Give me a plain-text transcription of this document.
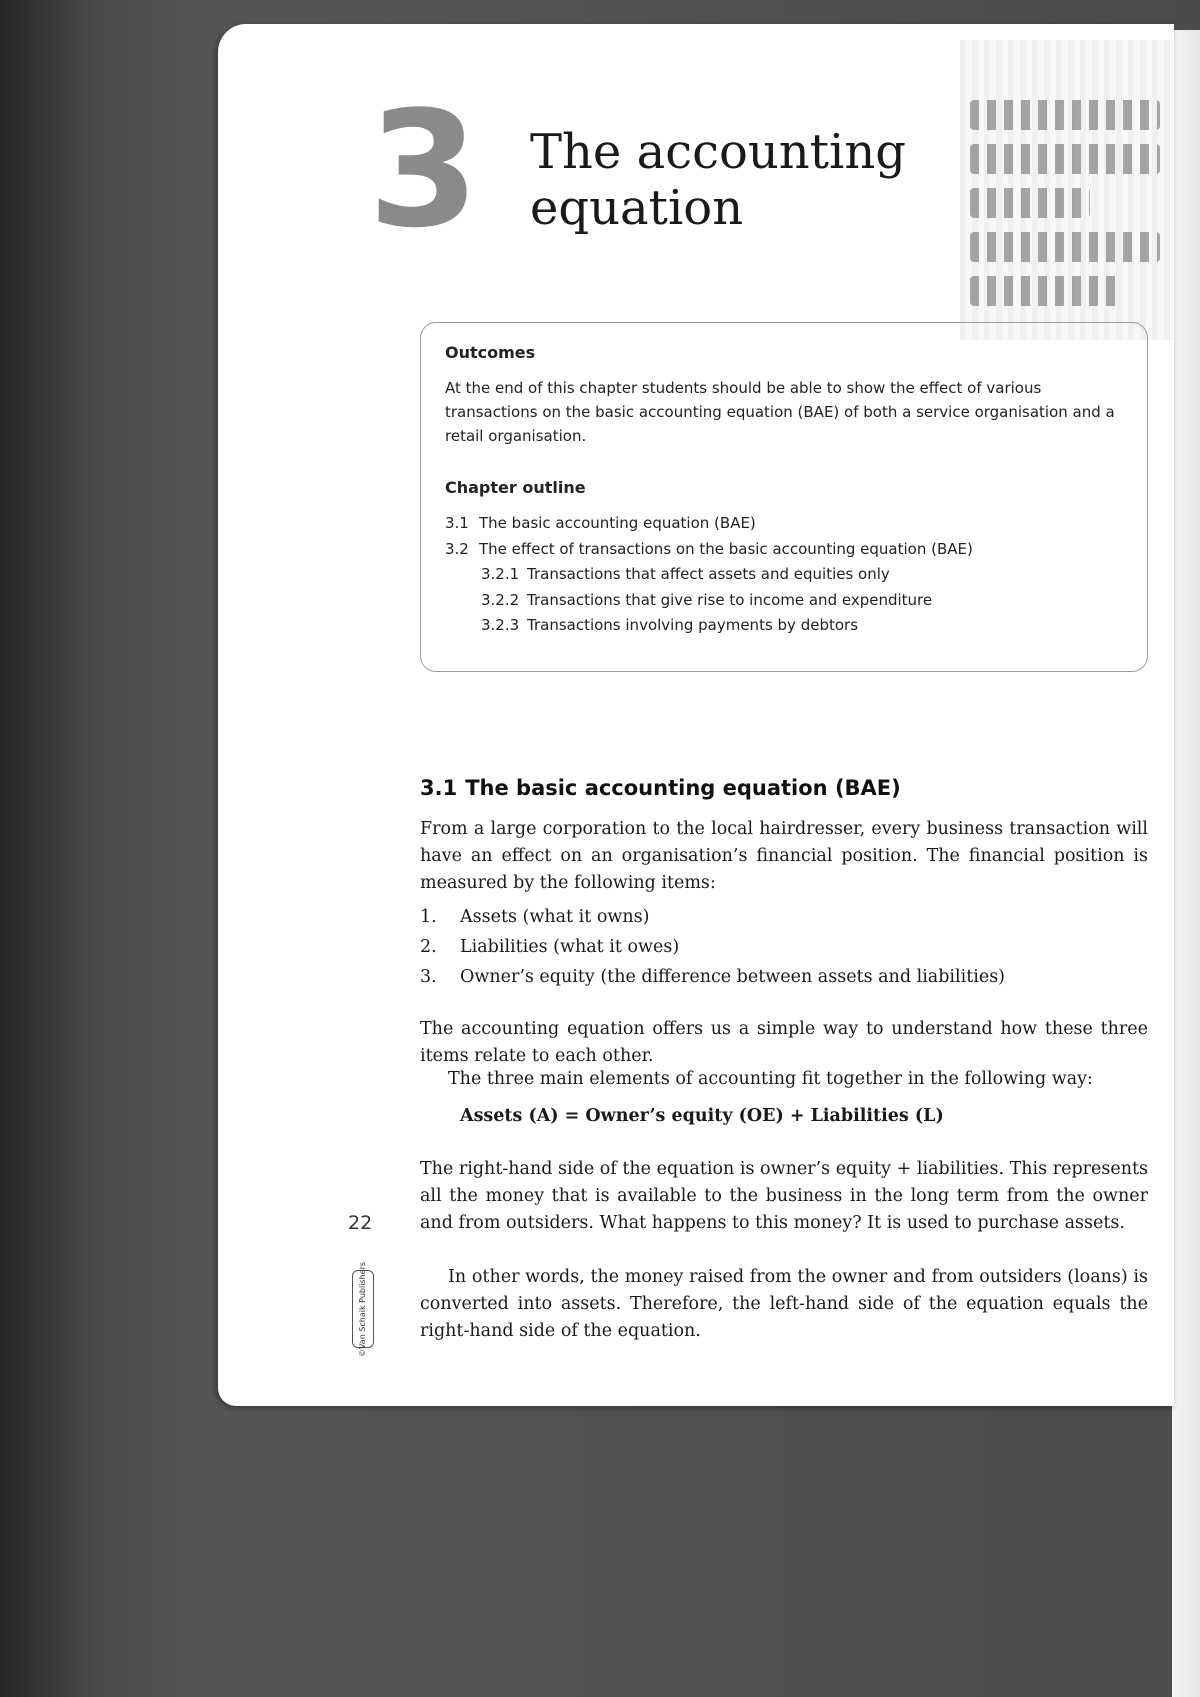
3 The accounting
equation
Outcomes

At the end of this chapter students should be able to show the effect of various transactions on the basic accounting equation (BAE) of both a service organisation and a retail organisation.

Chapter outline
3.1 The basic accounting equation (BAE)
3.2 The effect of transactions on the basic accounting equation (BAE)
3.2.1 Transactions that affect assets and equities only
3.2.2 Transactions that give rise to income and expenditure
3.2.3 Transactions involving payments by debtors
3.1 The basic accounting equation (BAE)

From a large corporation to the local hairdresser, every business transaction will have an effect on an organisation’s financial position. The financial position is measured by the following items:

1.	Assets (what it owns)
2.	Liabilities (what it owes)
3.	Owner’s equity (the difference between assets and liabilities)

The accounting equation offers us a simple way to understand how these three items relate to each other.

The three main elements of accounting fit together in the following way:

Assets (A) = Owner’s equity (OE) + Liabilities (L)

The right-hand side of the equation is owner’s equity + liabilities. This represents all the money that is available to the business in the long term from the owner and from outsiders. What happens to this money? It is used to purchase assets.

In other words, the money raised from the owner and from outsiders (loans) is converted into assets. Therefore, the left-hand side of the equation equals the right-hand side of the equation.

22
©Van Schaik Publishers
